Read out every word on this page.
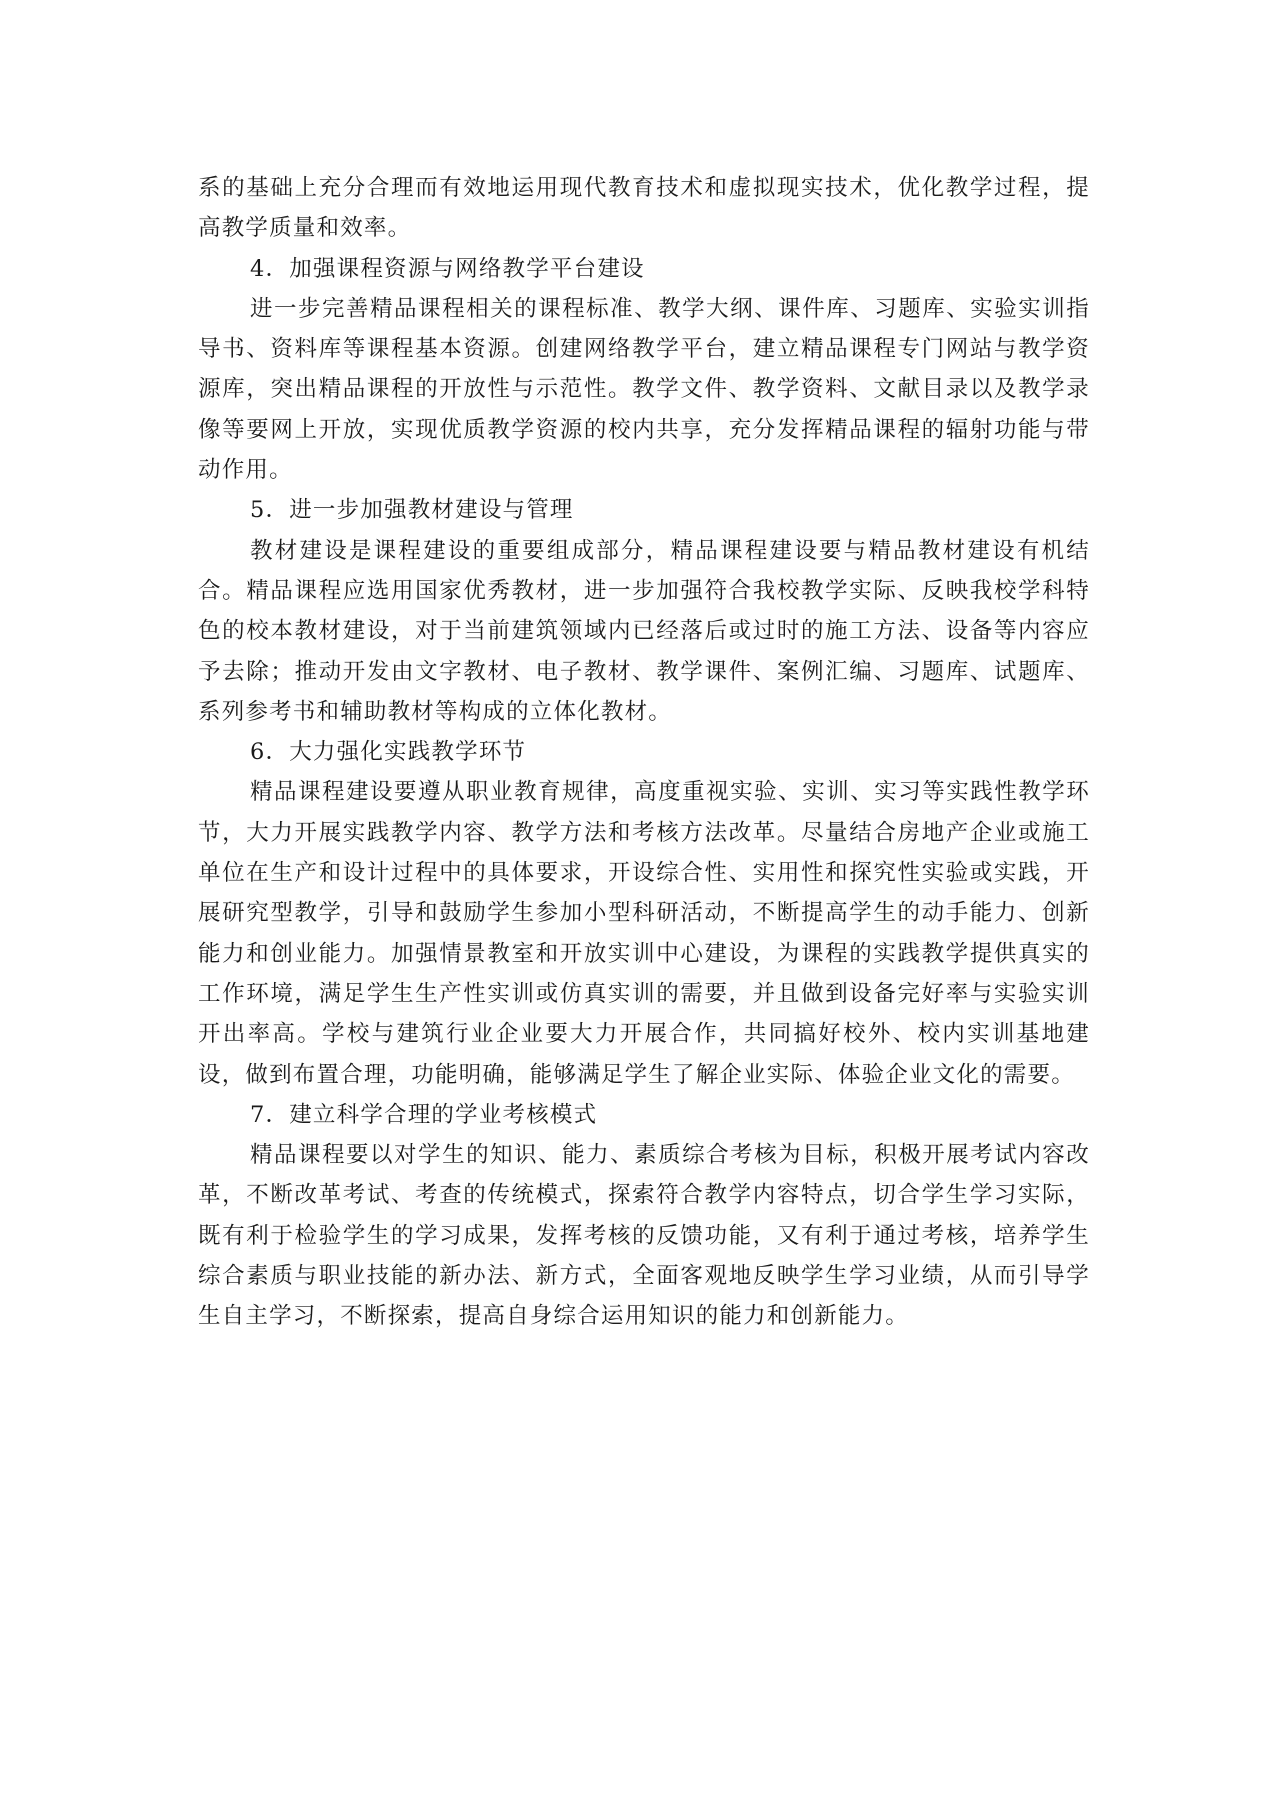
系的基础上充分合理而有效地运用现代教育技术和虚拟现实技术，优化教学过程，提高教学质量和效率。

4．加强课程资源与网络教学平台建设

进一步完善精品课程相关的课程标准、教学大纲、课件库、习题库、实验实训指导书、资料库等课程基本资源。创建网络教学平台，建立精品课程专门网站与教学资源库，突出精品课程的开放性与示范性。教学文件、教学资料、文献目录以及教学录像等要网上开放，实现优质教学资源的校内共享，充分发挥精品课程的辐射功能与带动作用。

5．进一步加强教材建设与管理

教材建设是课程建设的重要组成部分，精品课程建设要与精品教材建设有机结合。精品课程应选用国家优秀教材，进一步加强符合我校教学实际、反映我校学科特色的校本教材建设，对于当前建筑领域内已经落后或过时的施工方法、设备等内容应予去除；推动开发由文字教材、电子教材、教学课件、案例汇编、习题库、试题库、系列参考书和辅助教材等构成的立体化教材。

6．大力强化实践教学环节

精品课程建设要遵从职业教育规律，高度重视实验、实训、实习等实践性教学环节，大力开展实践教学内容、教学方法和考核方法改革。尽量结合房地产企业或施工单位在生产和设计过程中的具体要求，开设综合性、实用性和探究性实验或实践，开展研究型教学，引导和鼓励学生参加小型科研活动，不断提高学生的动手能力、创新能力和创业能力。加强情景教室和开放实训中心建设，为课程的实践教学提供真实的工作环境，满足学生生产性实训或仿真实训的需要，并且做到设备完好率与实验实训开出率高。学校与建筑行业企业要大力开展合作，共同搞好校外、校内实训基地建设，做到布置合理，功能明确，能够满足学生了解企业实际、体验企业文化的需要。

7．建立科学合理的学业考核模式

精品课程要以对学生的知识、能力、素质综合考核为目标，积极开展考试内容改革，不断改革考试、考查的传统模式，探索符合教学内容特点，切合学生学习实际，既有利于检验学生的学习成果，发挥考核的反馈功能，又有利于通过考核，培养学生综合素质与职业技能的新办法、新方式，全面客观地反映学生学习业绩，从而引导学生自主学习，不断探索，提高自身综合运用知识的能力和创新能力。
